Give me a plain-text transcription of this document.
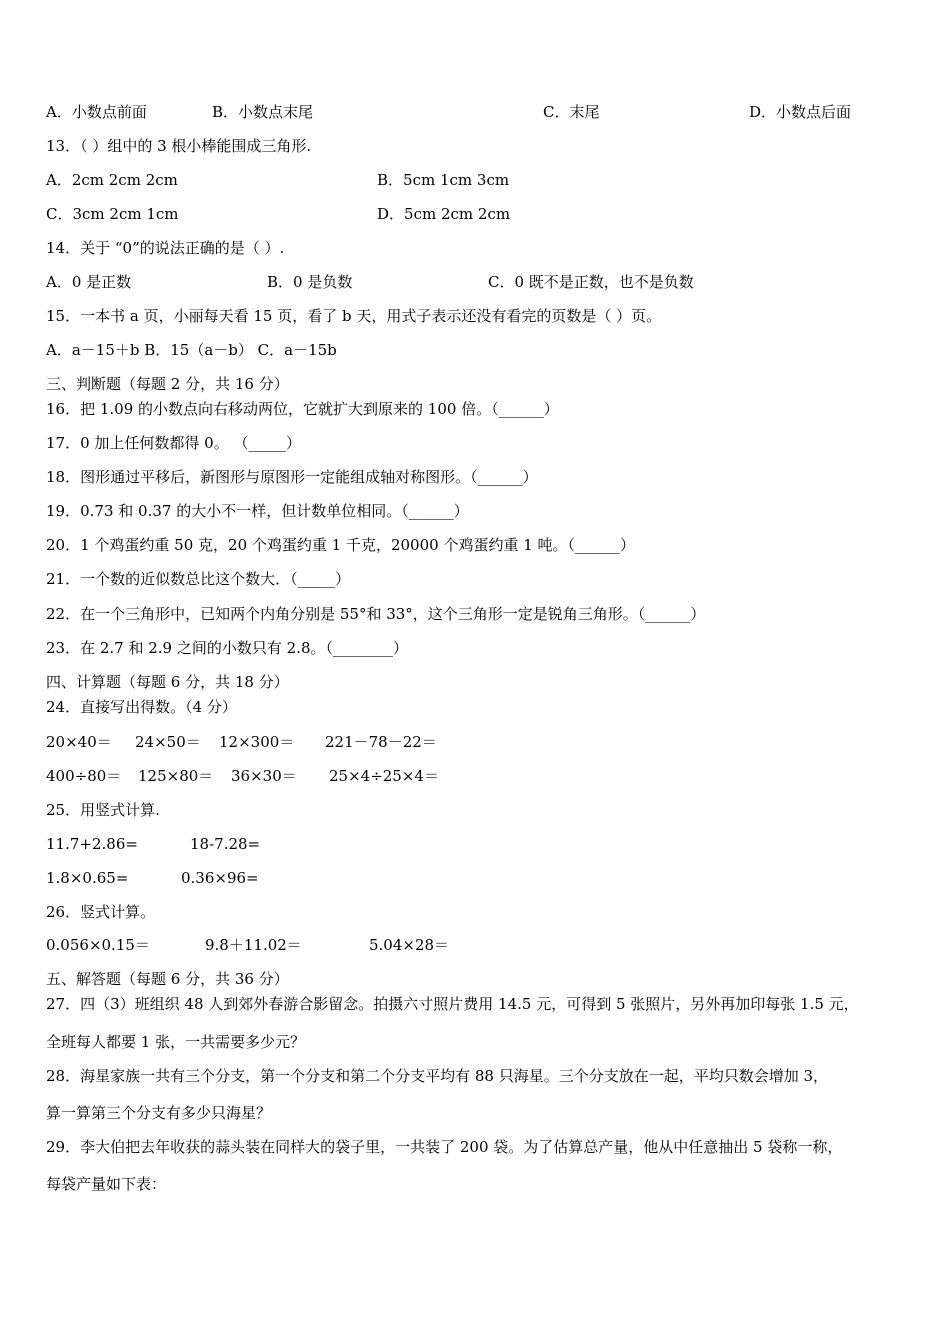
A．小数点前面	B．小数点末尾	C．末尾	D．小数点后面
13．（ ）组中的 3 根小棒能围成三角形.
A．2cm 2cm 2cm	B．5cm 1cm 3cm
C．3cm 2cm 1cm	D．5cm 2cm 2cm
14．关于 “0”的说法正确的是（ ）.
A．0 是正数	B．0 是负数	C．0 既不是正数，也不是负数
15．一本书 a 页，小丽每天看 15 页，看了 b 天，用式子表示还没有看完的页数是（ ）页。
A．a－15＋b B．15（a－b） C．a－15b
三、判断题（每题 2 分，共 16 分）
16．把 1.09 的小数点向右移动两位，它就扩大到原来的 100 倍。（______）
17．0 加上任何数都得 0。 （_____）
18．图形通过平移后，新图形与原图形一定能组成轴对称图形。（______）
19．0.73 和 0.37 的大小不一样，但计数单位相同。（______）
20．1 个鸡蛋约重 50 克，20 个鸡蛋约重 1 千克，20000 个鸡蛋约重 1 吨。（______）
21．一个数的近似数总比这个数大．（_____）
22．在一个三角形中，已知两个内角分别是 55°和 33°，这个三角形一定是锐角三角形。（______）
23．在 2.7 和 2.9 之间的小数只有 2.8。（________）
四、计算题（每题 6 分，共 18 分）
24．直接写出得数。（4 分）
20×40＝ 24×50＝ 12×300＝ 221－78－22＝
400÷80＝ 125×80＝ 36×30＝ 25×4÷25×4＝
25．用竖式计算.
11.7+2.86=	18-7.28=
1.8×0.65=	0.36×96=
26．竖式计算。
0.056×0.15＝	9.8＋11.02＝	5.04×28＝
五、解答题（每题 6 分，共 36 分）
27．四（3）班组织 48 人到郊外春游合影留念。拍摄六寸照片费用 14.5 元，可得到 5 张照片，另外再加印每张 1.5 元，
全班每人都要 1 张，一共需要多少元？
28．海星家族一共有三个分支，第一个分支和第二个分支平均有 88 只海星。三个分支放在一起，平均只数会增加 3，
算一算第三个分支有多少只海星？
29．李大伯把去年收获的蒜头装在同样大的袋子里，一共装了 200 袋。为了估算总产量，他从中任意抽出 5 袋称一称，
每袋产量如下表：
